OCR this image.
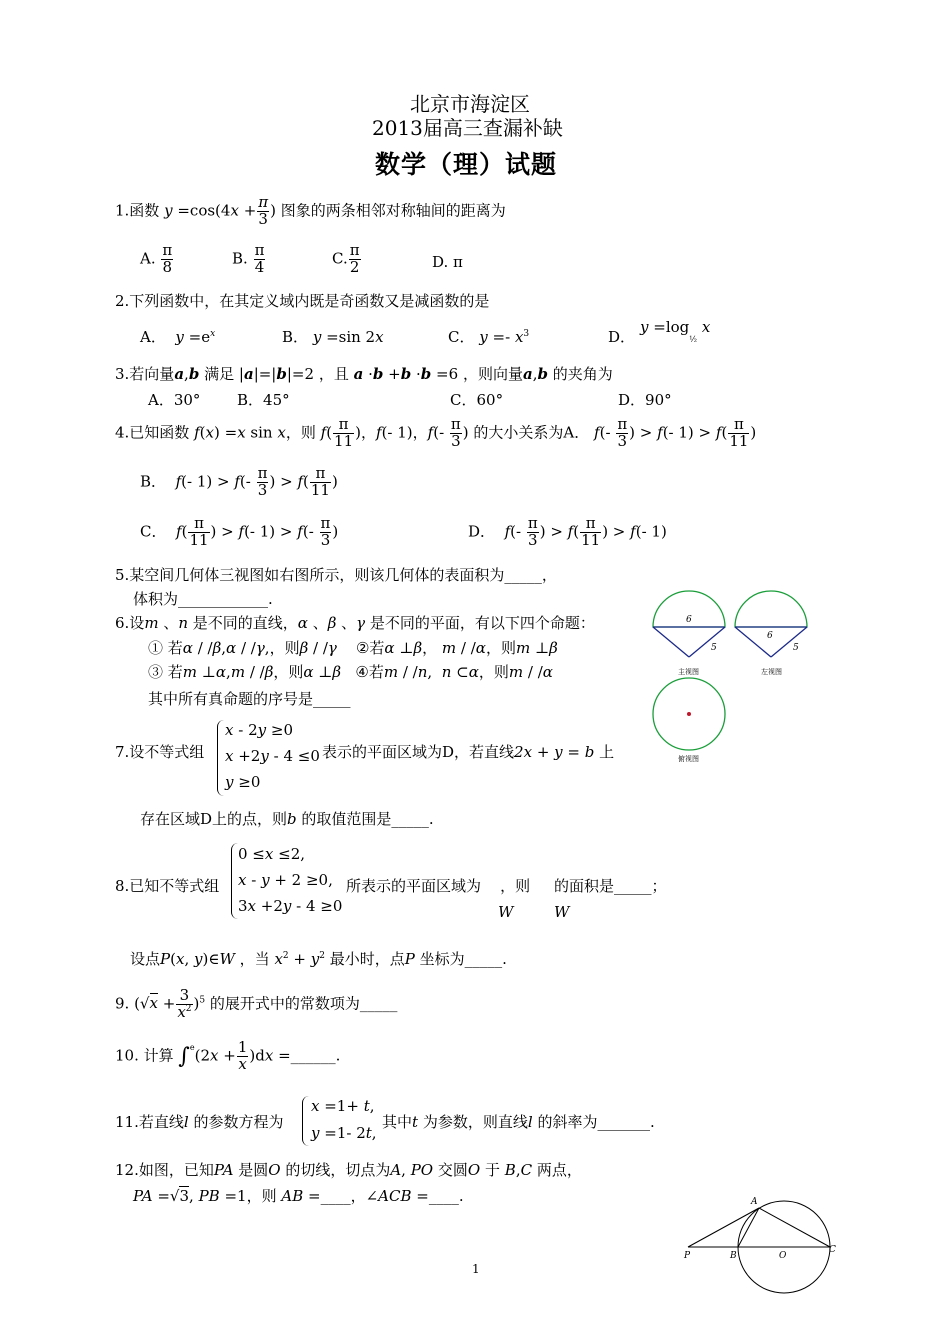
北京市海淀区
2013届高三查漏补缺
数学（理）试题
1.函数 $y =\cos(4x + \frac{\pi}{3}$ ) 图象的两条相邻对称轴间的距离为
A. $\frac{\pi}{8}$	B. $\frac{\pi}{4}$	C. $\frac{\pi}{2}$	D. π
2.下列函数中，在其定义域内既是奇函数又是减函数的是
A． $y =e^x$	B． y =sin 2x	C． $y =- x^3$	D．
$y =\log_{\frac{1}{2}}$ x
3.若向量a,b 满足 |a|=|b|=2 ，且 a ·b +b ·b =6 ，则向量a,b 的夹角为
A．30° B．45°	C．60°	D．90°
4.已知函数 f(x) =x sin x，则 $f( \frac{\pi}{11}$ )，f(- 1)，$f(- \frac{\pi}{3}$ ) 的大小关系为A． $f(- \frac{\pi}{3}$ ) > f(- $1) > f( \frac{\pi}{11}$ )
B． f(- $1) > f(- \frac{\pi}{3}$ ) > $f( \frac{\pi}{11}$ )
C． $f( \frac{\pi}{11}$ ) > f(- $1) > f(- \frac{\pi}{3}$ )	D． $f(- \frac{\pi}{3}$ ) > $f( \frac{\pi}{11}$ ) > f(- 1)
5.某空间几何体三视图如右图所示，则该几何体的表面积为_____，
体积为____________.
6.设m 、n 是不同的直线，α 、β 、γ 是不同的平面，有以下四个命题：
① 若α / /β,α / /γ,，则β / /γ ②若α ⊥β， m / /α，则m ⊥β
③ 若m ⊥α,m / /β，则α ⊥β ④若m / /n,  n ⊂α，则m / /α
其中所有真命题的序号是_____
6
5
主视图
6
5
左视图
俯视图
7.设不等式组
x - 2y ≥0
x +2y - 4 ≤0
y ≥0
表示的平面区域为D，若直线2x + y = b 上
存在区域D上的点，则b 的取值范围是_____.
8.已知不等式组
0 ≤x ≤2,
x - y + 2 ≥0,
3x +2y - 4 ≥0
所表示的平面区域为 ，则 的面积是_____；
W	W
设点P(x, y)∈W ，当 $x^2 + y^2$ 最小时，点P 坐标为_____.
9. $(√x + \frac{3}{x^2} )^5$ 的展开式中的常数项为_____
10. 计算 $\int^e(2x + \frac{1}{x} )dx$ =______.
11.若直线l 的参数方程为
x =1+ t,
y =1- 2t,
其中t 为参数，则直线l 的斜率为_______.
12.如图，已知PA 是圆O 的切线，切点为A, PO 交圆O 于 B,C 两点，
PA =√3, PB =1，则 AB =____，∠ACB =____.	A
P	B	O
C
1
